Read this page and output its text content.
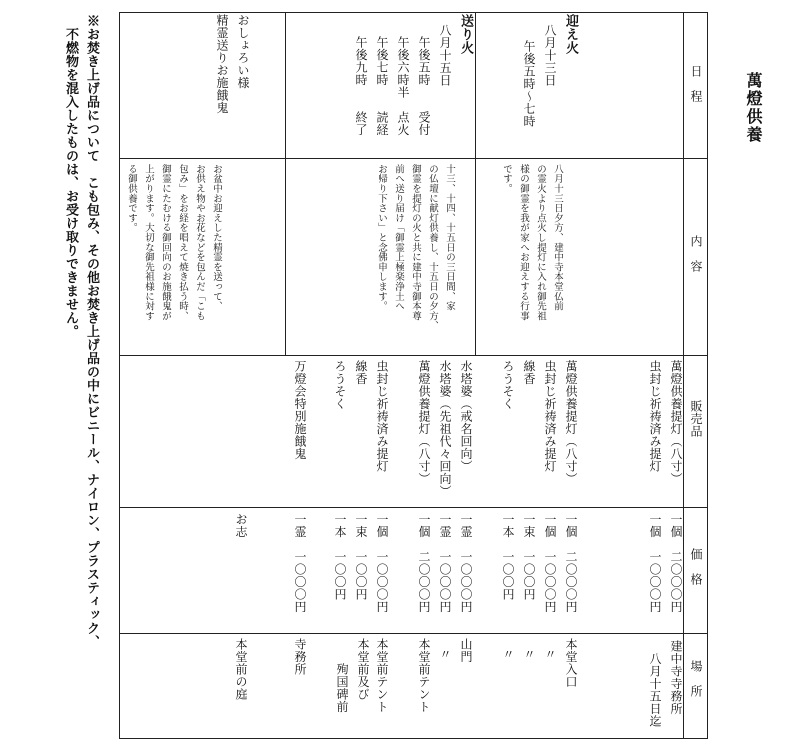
萬燈供養
日　程
内　容
販売品
価　格
場　所
萬燈供養提灯（八寸）
虫封じ祈祷済み提灯
一個　二〇〇〇円
一個　一〇〇〇円
建中寺寺務所
　八月十五日迄
迎え火
八月十三日
午後五時～七時
八月十三日夕方、建中寺本堂仏前
の霊火より点火し提灯に入れ御先祖
様の御霊を我が家へお迎えする行事
です。
萬燈供養提灯（八寸）
虫封じ祈祷済み提灯
線香
ろうそく
一個　二〇〇〇円
一個　一〇〇〇円
一束　一〇〇円
一本　一〇〇円
本堂入口
〃
〃
〃
送り火
八月十五日
午後五時　　受付
午後六時半　点火
午後七時　　読経
午後九時　　終了
十三、十四、十五日の三日間、家
の仏壇に献灯供養し、十五日の夕方、
御霊を提灯の火と共に建中寺御本尊
前へ送り届け「御霊上極楽浄土へ
お帰り下さい」と念佛申します。
水塔婆（戒名回向）
水塔婆（先祖代々回向）
萬燈供養提灯（八寸）
虫封じ祈祷済み提灯
線香
ろうそく
万燈会特別施餓鬼
一霊　一〇〇〇円
一霊　一〇〇〇円
一個　二〇〇〇円
一個　一〇〇〇円
一束　一〇〇円
一本　一〇〇円
一霊　一〇〇〇円
山門
〃
本堂前テント
本堂前テント
本堂前及び
　　殉国碑前
寺務所
おしょろい様
精霊送りお施餓鬼
お盆中お迎えした精霊を送って、
お供え物やお花などを包んだ「こも
包み」をお経を唱えて焼き払う時、
御霊にたむける御回向のお施餓鬼が
上がります。大切な御先祖様に対す
る御供養です。
お志
本堂前の庭
※お焚き上げ品について　こも包み、その他お焚き上げ品の中にビニール、ナイロン、プラスティック、
　不燃物を混入したものは、お受け取りできません。
